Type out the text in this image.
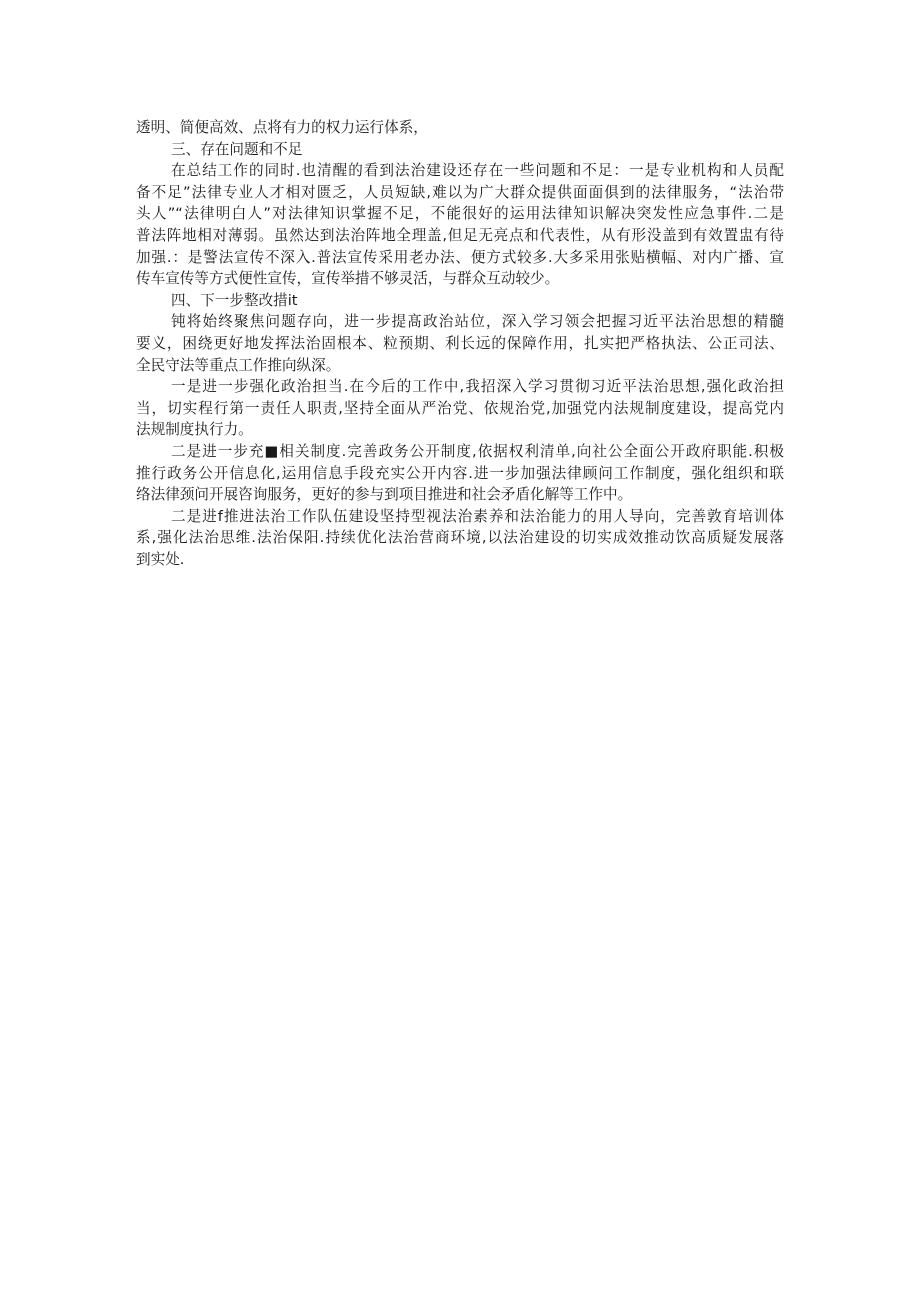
透明、简便高效、点将有力的权力运行体系，
三、存在问题和不足
在总结工作的同时.也清醒的看到法治建设还存在一些问题和不足：一是专业机构和人员配
备不足”法律专业人才相对匮乏，人员短缺,难以为广大群众提供面面俱到的法律服务，“法治带
头人”“法律明白人”对法律知识掌握不足，不能很好的运用法律知识解决突发性应急事件.二是
普法阵地相对薄弱。虽然达到法治阵地全理盖,但足无亮点和代表性，从有形没盖到有效置盅有待
加强.：是警法宣传不深入.普法宣传采用老办法、便方式较多.大多采用张贴横幅、对内广播、宣
传车宣传等方式便性宣传，宣传举措不够灵活，与群众互动较少。
四、下一步整改措it
钝将始终聚焦问题存向，进一步提髙政治站位，深入学习领会把握习近平法治思想的精髓
要义，困绕更好地发挥法治固根本、粒预期、利长远的保障作用，扎实把严格执法、公正司法、
全民守法等重点工作推向纵深。
一是进一步强化政治担当.在今后的工作中,我招深入学习贯彻习近平法治思想,强化政治担
当，切实程行第一责任人职责,坚持全面从严治党、依规治党,加强党内法规制度建设，提高党内
法规制度执行力。
二是进一步充■相关制度.完善政务公开制度,依据权利清单,向社公全面公开政府职能.积极
推行政务公开信息化,运用信息手段充实公开内容.进一步加强法律顾问工作制度，强化组织和联
络法律颈问开展咨询服务，更好的参与到项目推进和社会矛盾化解等工作中。
二是进f推进法治工作队伍建设坚持型视法治素养和法治能力的用人导向，完善敦育培训体
系,强化法治思维.法治保阳.持续优化法治营商环境,以法治建设的切实成效推动饮高质疑发展落
到实处.
